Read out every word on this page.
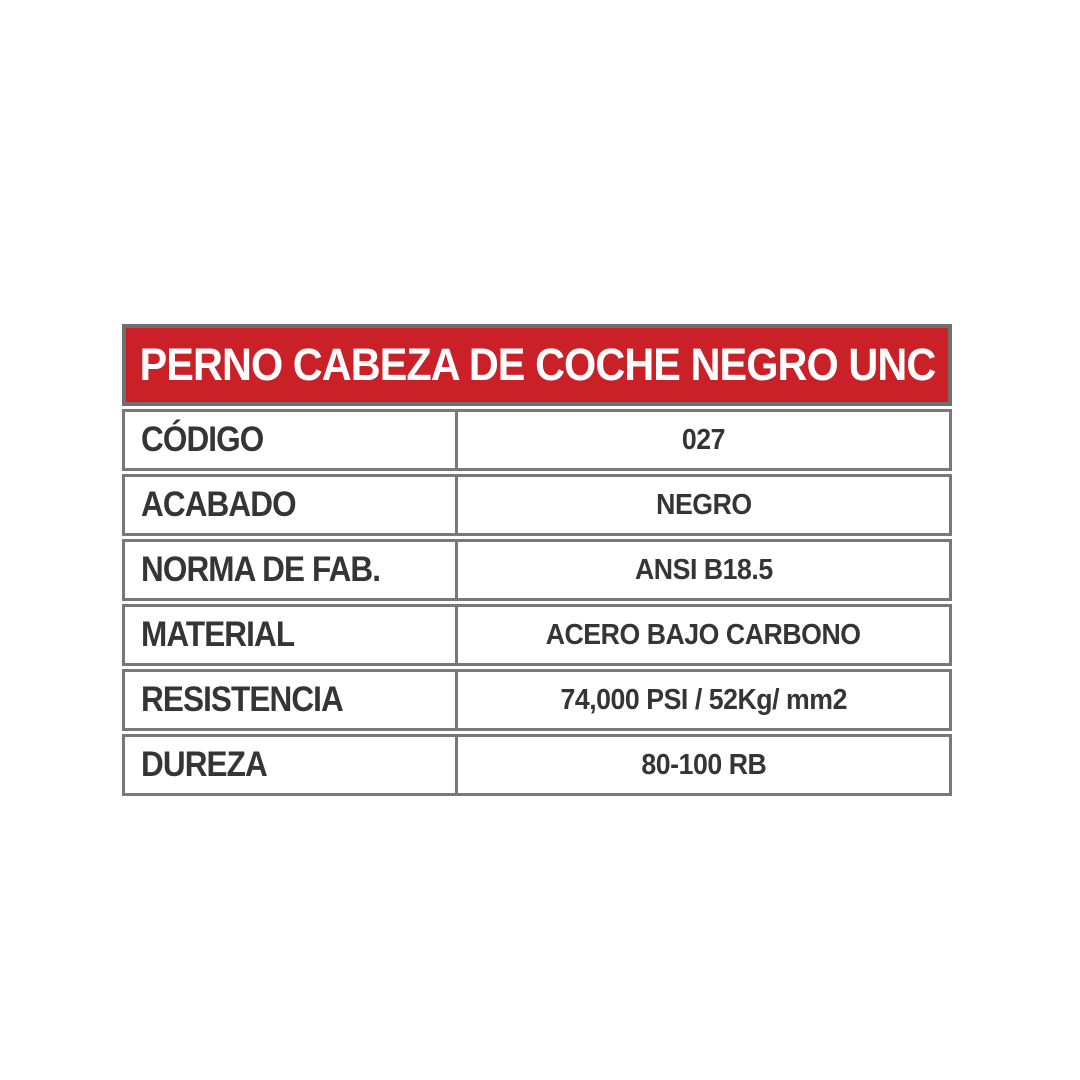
PERNO CABEZA DE COCHE NEGRO UNC
CÓDIGO	027
ACABADO	NEGRO
NORMA DE FAB.	ANSI B18.5
MATERIAL	ACERO BAJO CARBONO
RESISTENCIA	74,000 PSI / 52Kg/ mm2
DUREZA	80-100 RB
